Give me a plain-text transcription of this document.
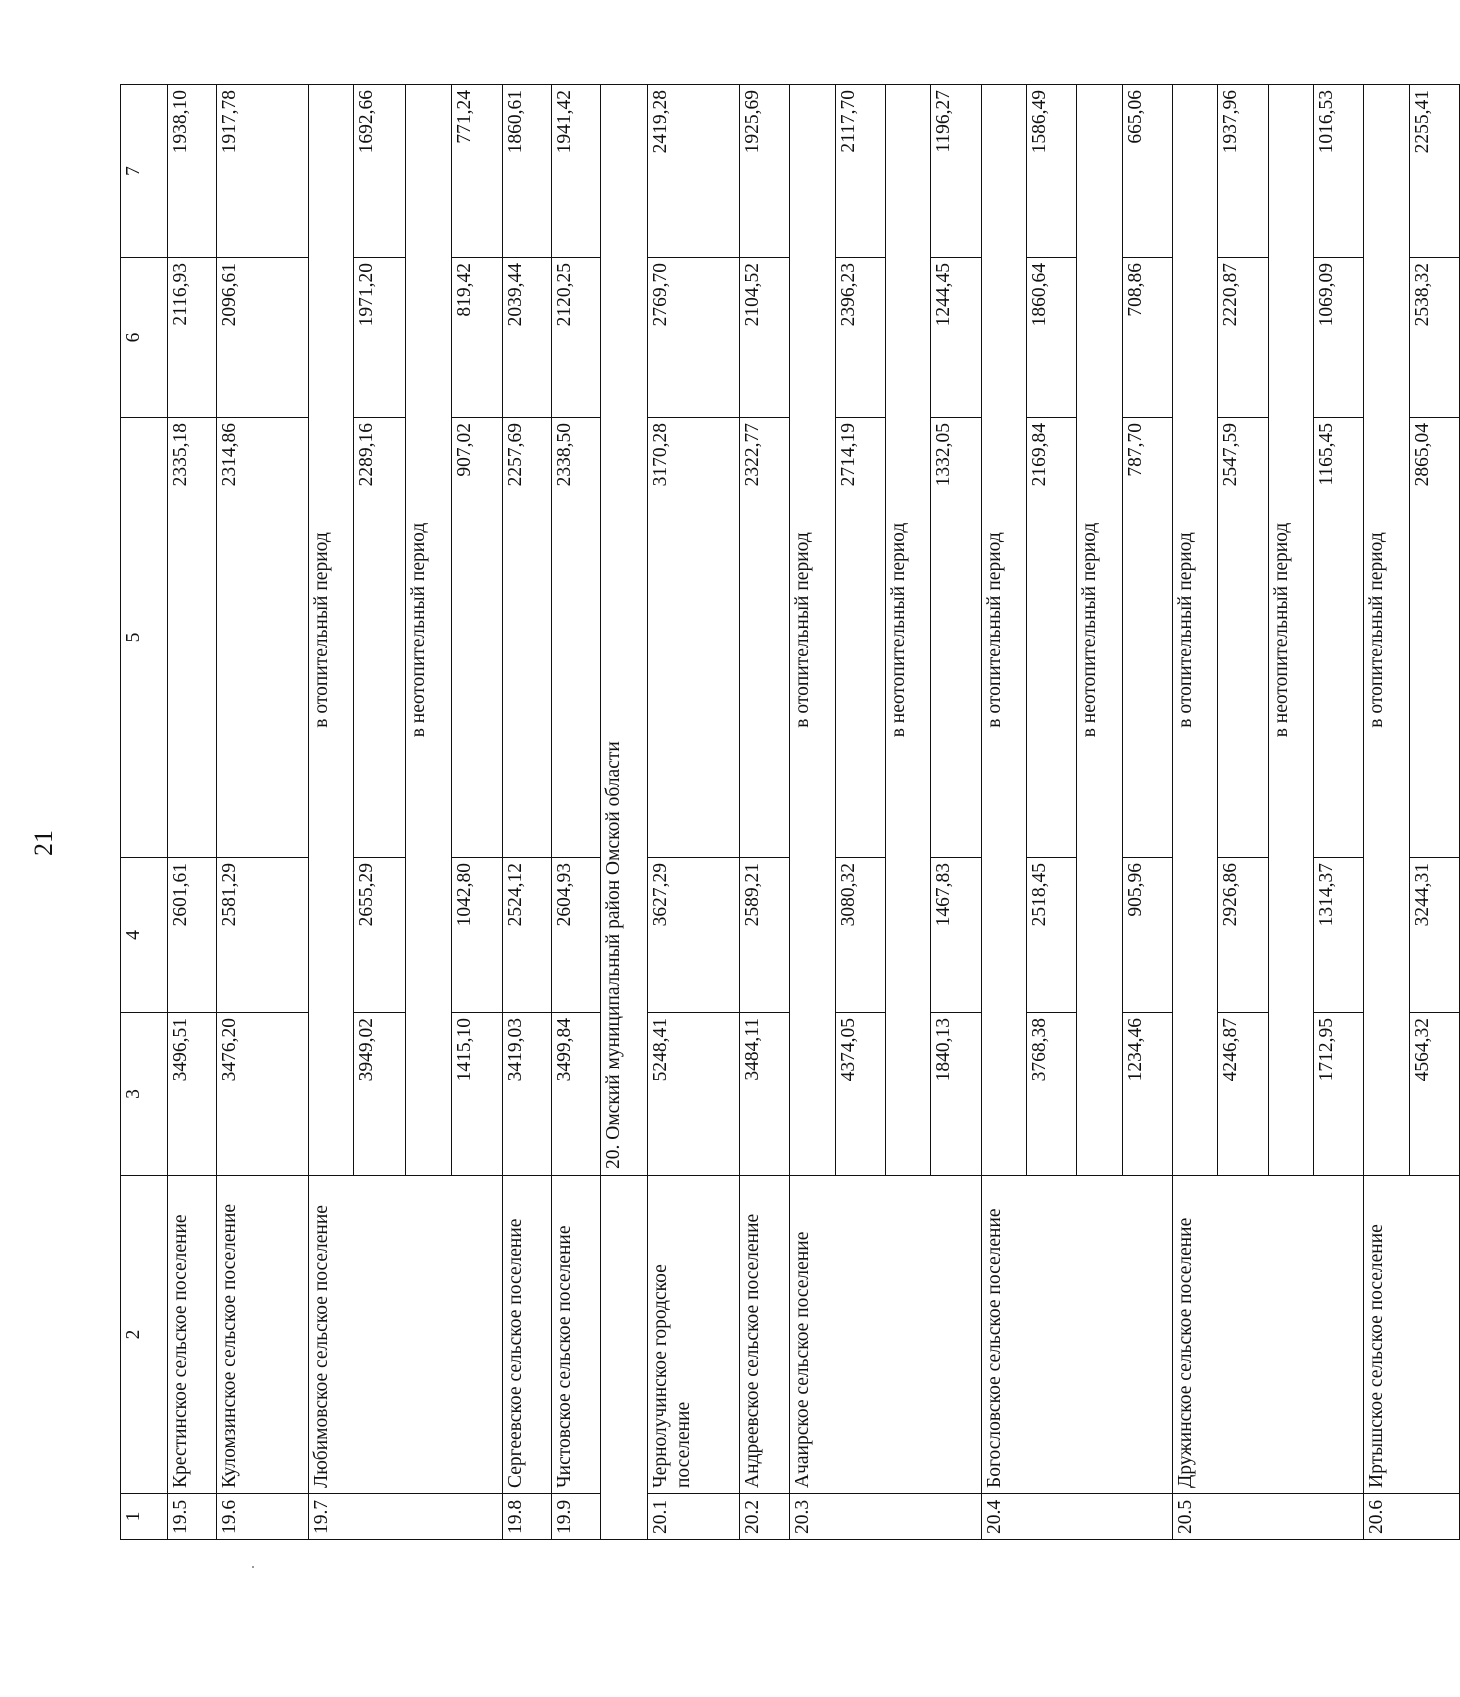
21
1	2	3	4	5	6	7
19.5	Крестинское сельское поселение	3496,51	2601,61	2335,18	2116,93	1938,10
19.6	Куломзинское сельское поселение	3476,20	2581,29	2314,86	2096,61	1917,78
19.7	Любимовское сельское поселение	в отопительный период				
		3949,02	2655,29	2289,16	1971,20	1692,66
		в неотопительный период				
		1415,10	1042,80	907,02	819,42	771,24
19.8	Сергеевское сельское поселение	3419,03	2524,12	2257,69	2039,44	1860,61
19.9	Чистовское сельское поселение	3499,84	2604,93	2338,50	2120,25	1941,42
		20. Омский муниципальный район Омской области				
20.1	Чернолучинское городское поселение	5248,41	3627,29	3170,28	2769,70	2419,28
20.2	Андреевское сельское поселение	3484,11	2589,21	2322,77	2104,52	1925,69
20.3	Ачаирское сельское поселение	в отопительный период				
		4374,05	3080,32	2714,19	2396,23	2117,70
		в неотопительный период				
		1840,13	1467,83	1332,05	1244,45	1196,27
20.4	Богословское сельское поселение	в отопительный период				
		3768,38	2518,45	2169,84	1860,64	1586,49
		в неотопительный период				
		1234,46	905,96	787,70	708,86	665,06
20.5	Дружинское сельское поселение	в отопительный период				
		4246,87	2926,86	2547,59	2220,87	1937,96
		в неотопительный период				
		1712,95	1314,37	1165,45	1069,09	1016,53
20.6	Иртышское сельское поселение	в отопительный период				
		4564,32	3244,31	2865,04	2538,32	2255,41
